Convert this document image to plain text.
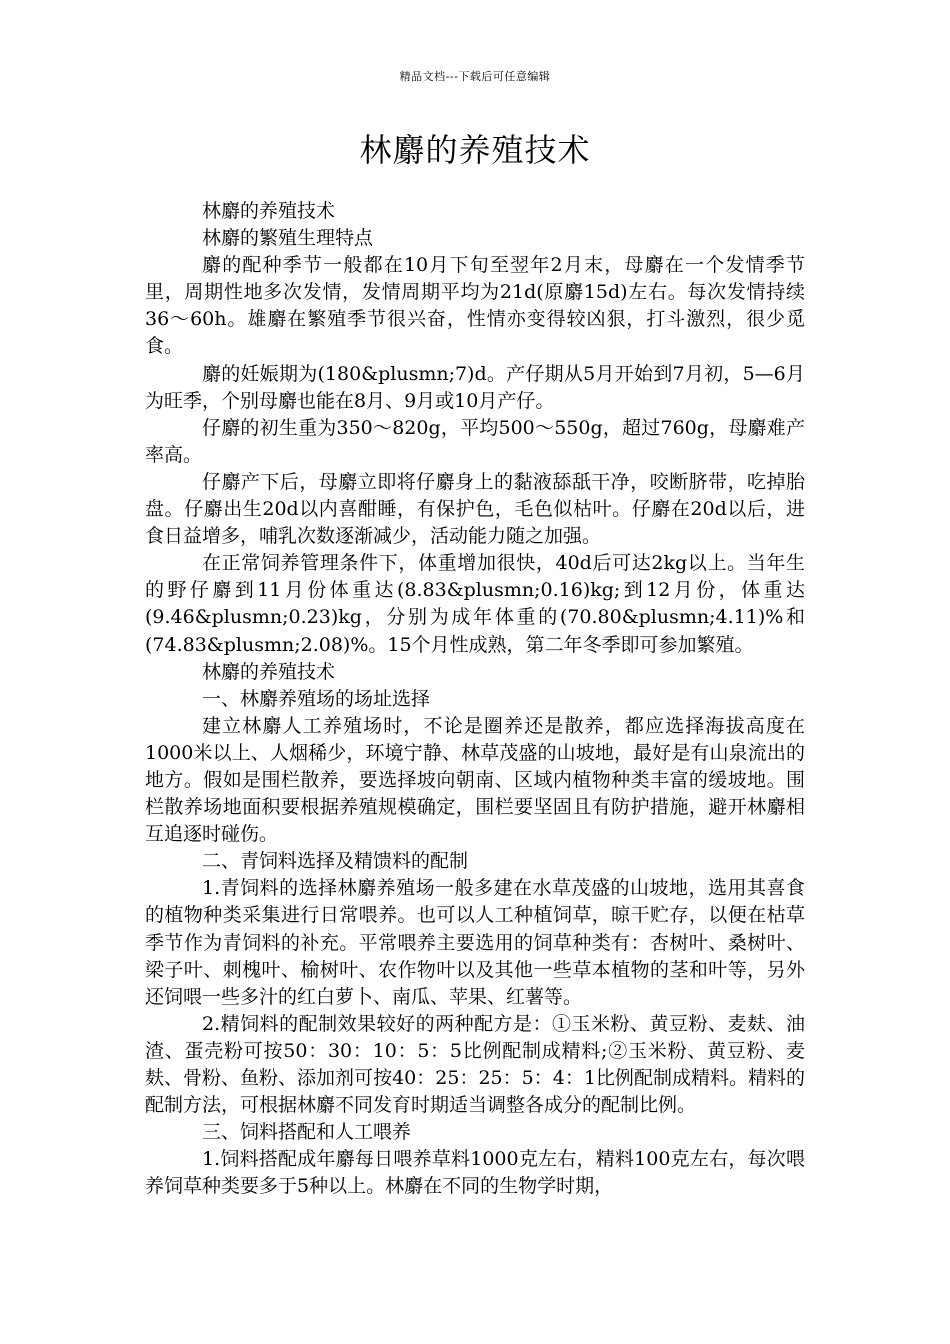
精品文档---下载后可任意编辑
林麝的养殖技术

林麝的养殖技术

林麝的繁殖生理特点

麝的配种季节一般都在10月下旬至翌年2月末，母麝在一个发情季节里，周期性地多次发情，发情周期平均为21d(原麝15d)左右。每次发情持续36～60h。雄麝在繁殖季节很兴奋，性情亦变得较凶狠，打斗激烈，很少觅食。

麝的妊娠期为(180&plusmn;7)d。产仔期从5月开始到7月初，5—6月为旺季，个别母麝也能在8月、9月或10月产仔。

仔麝的初生重为350～820g，平均500～550g，超过760g，母麝难产率高。

仔麝产下后，母麝立即将仔麝身上的黏液舔舐干净，咬断脐带，吃掉胎盘。仔麝出生20d以内喜酣睡，有保护色，毛色似枯叶。仔麝在20d以后，进食日益增多，哺乳次数逐渐减少，活动能力随之加强。

在正常饲养管理条件下，体重增加很快，40d后可达2kg以上。当年生的野仔麝到11月份体重达(8.83&plusmn;0.16)kg;到12月份，体重达(9.46&plusmn;0.23)kg，分别为成年体重的(70.80&plusmn;4.11)%和(74.83&plusmn;2.08)%。15个月性成熟，第二年冬季即可参加繁殖。

林麝的养殖技术

一、林麝养殖场的场址选择

建立林麝人工养殖场时，不论是圈养还是散养，都应选择海拔高度在1000米以上、人烟稀少，环境宁静、林草茂盛的山坡地，最好是有山泉流出的地方。假如是围栏散养，要选择坡向朝南、区域内植物种类丰富的缓坡地。围栏散养场地面积要根据养殖规模确定，围栏要坚固且有防护措施，避开林麝相互追逐时碰伤。

二、青饲料选择及精馈料的配制

1.青饲料的选择林麝养殖场一般多建在水草茂盛的山坡地，选用其喜食的植物种类采集进行日常喂养。也可以人工种植饲草，晾干贮存，以便在枯草季节作为青饲料的补充。平常喂养主要选用的饲草种类有：杏树叶、桑树叶、梁子叶、刺槐叶、榆树叶、农作物叶以及其他一些草本植物的茎和叶等，另外还饲喂一些多汁的红白萝卜、南瓜、苹果、红薯等。

2.精饲料的配制效果较好的两种配方是：①玉米粉、黄豆粉、麦麸、油渣、蛋壳粉可按50：30：10：5：5比例配制成精料;②玉米粉、黄豆粉、麦麸、骨粉、鱼粉、添加剂可按40：25：25：5：4：1比例配制成精料。精料的配制方法，可根据林麝不同发育时期适当调整各成分的配制比例。

三、饲料搭配和人工喂养

1.饲料搭配成年麝每日喂养草料1000克左右，精料100克左右，每次喂养饲草种类要多于5种以上。林麝在不同的生物学时期，
